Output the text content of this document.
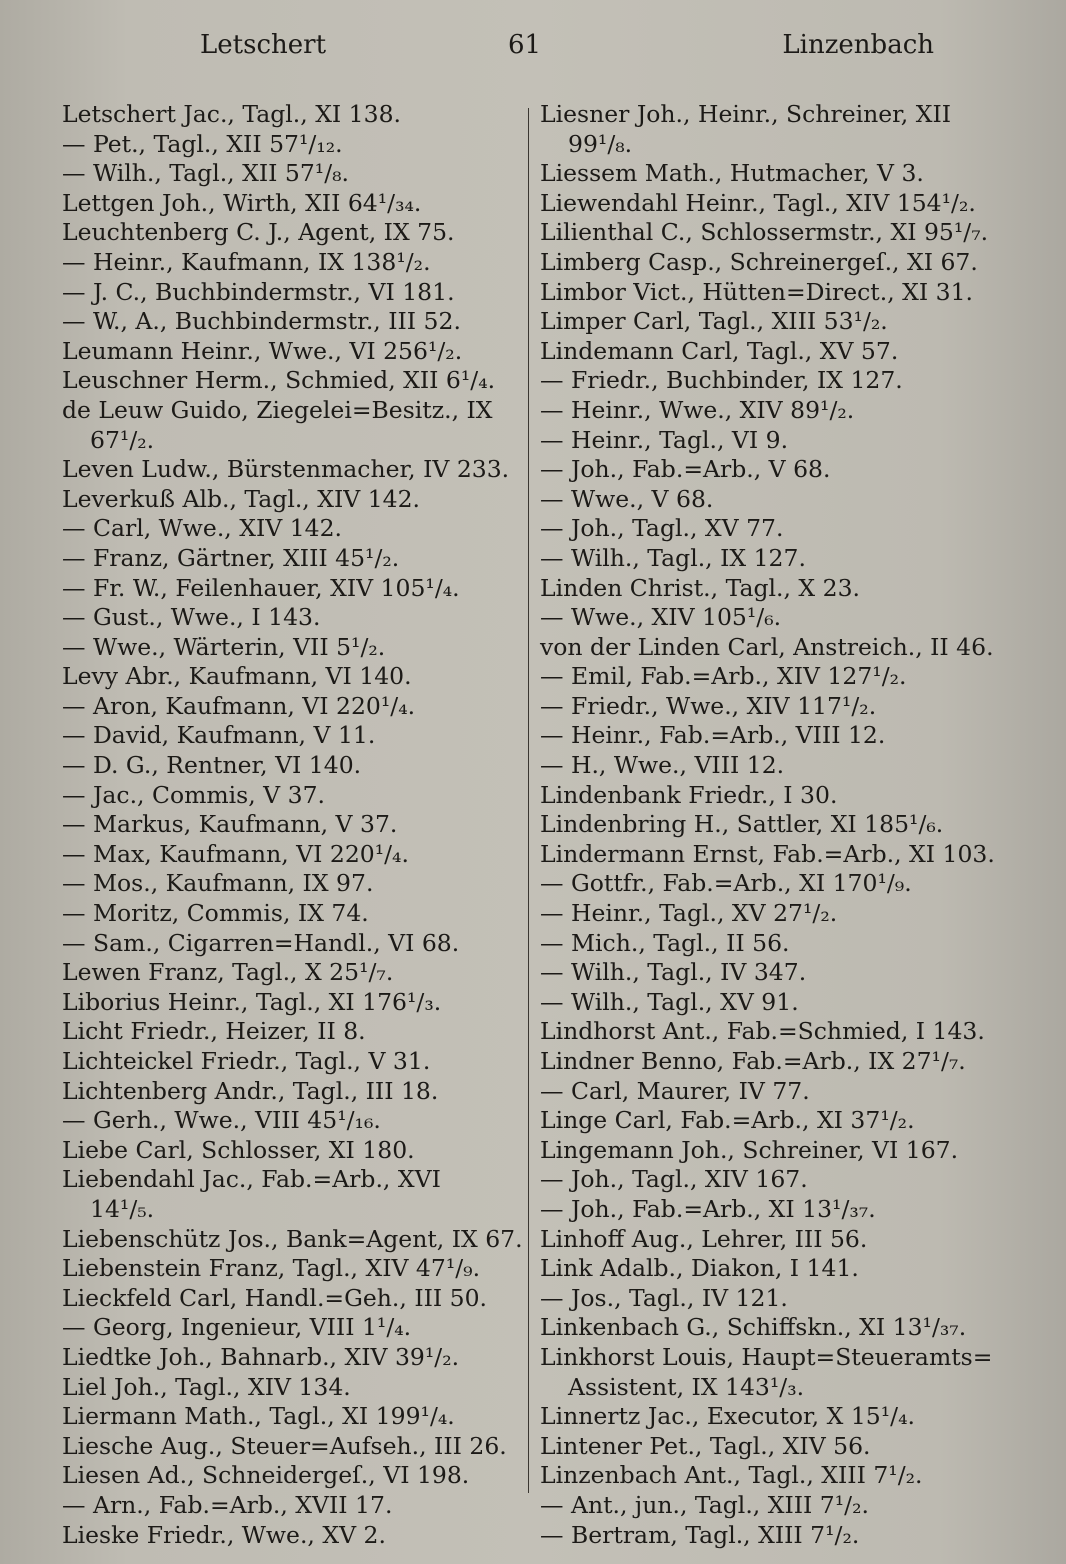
Letschert	61	Linzenbach
Letschert Jac., Tagl., XI 138.
— Pet., Tagl., XII 57¹/₁₂.
— Wilh., Tagl., XII 57¹/₈.
Lettgen Joh., Wirth, XII 64¹/₃₄.
Leuchtenberg C. J., Agent, IX 75.
— Heinr., Kaufmann, IX 138¹/₂.
— J. C., Buchbindermstr., VI 181.
— W., A., Buchbindermstr., III 52.
Leumann Heinr., Wwe., VI 256¹/₂.
Leuschner Herm., Schmied, XII 6¹/₄.
de Leuw Guido, Ziegelei=Besitz., IX
67¹/₂.
Leven Ludw., Bürstenmacher, IV 233.
Leverkuß Alb., Tagl., XIV 142.
— Carl, Wwe., XIV 142.
— Franz, Gärtner, XIII 45¹/₂.
— Fr. W., Feilenhauer, XIV 105¹/₄.
— Gust., Wwe., I 143.
— Wwe., Wärterin, VII 5¹/₂.
Levy Abr., Kaufmann, VI 140.
— Aron, Kaufmann, VI 220¹/₄.
— David, Kaufmann, V 11.
— D. G., Rentner, VI 140.
— Jac., Commis, V 37.
— Markus, Kaufmann, V 37.
— Max, Kaufmann, VI 220¹/₄.
— Mos., Kaufmann, IX 97.
— Moritz, Commis, IX 74.
— Sam., Cigarren=Handl., VI 68.
Lewen Franz, Tagl., X 25¹/₇.
Liborius Heinr., Tagl., XI 176¹/₃.
Licht Friedr., Heizer, II 8.
Lichteickel Friedr., Tagl., V 31.
Lichtenberg Andr., Tagl., III 18.
— Gerh., Wwe., VIII 45¹/₁₆.
Liebe Carl, Schlosser, XI 180.
Liebendahl Jac., Fab.=Arb., XVI
14¹/₅.
Liebenschütz Jos., Bank=Agent, IX 67.
Liebenstein Franz, Tagl., XIV 47¹/₉.
Lieckfeld Carl, Handl.=Geh., III 50.
— Georg, Ingenieur, VIII 1¹/₄.
Liedtke Joh., Bahnarb., XIV 39¹/₂.
Liel Joh., Tagl., XIV 134.
Liermann Math., Tagl., XI 199¹/₄.
Liesche Aug., Steuer=Aufseh., III 26.
Liesen Ad., Schneidergeſ., VI 198.
— Arn., Fab.=Arb., XVII 17.
Lieske Friedr., Wwe., XV 2.
Liesner Joh., Heinr., Schreiner, XII
99¹/₈.
Liessem Math., Hutmacher, V 3.
Liewendahl Heinr., Tagl., XIV 154¹/₂.
Lilienthal C., Schlossermstr., XI 95¹/₇.
Limberg Casp., Schreinergeſ., XI 67.
Limbor Vict., Hütten=Direct., XI 31.
Limper Carl, Tagl., XIII 53¹/₂.
Lindemann Carl, Tagl., XV 57.
— Friedr., Buchbinder, IX 127.
— Heinr., Wwe., XIV 89¹/₂.
— Heinr., Tagl., VI 9.
— Joh., Fab.=Arb., V 68.
— Wwe., V 68.
— Joh., Tagl., XV 77.
— Wilh., Tagl., IX 127.
Linden Christ., Tagl., X 23.
— Wwe., XIV 105¹/₆.
von der Linden Carl, Anstreich., II 46.
— Emil, Fab.=Arb., XIV 127¹/₂.
— Friedr., Wwe., XIV 117¹/₂.
— Heinr., Fab.=Arb., VIII 12.
— H., Wwe., VIII 12.
Lindenbank Friedr., I 30.
Lindenbring H., Sattler, XI 185¹/₆.
Lindermann Ernst, Fab.=Arb., XI 103.
— Gottfr., Fab.=Arb., XI 170¹/₉.
— Heinr., Tagl., XV 27¹/₂.
— Mich., Tagl., II 56.
— Wilh., Tagl., IV 347.
— Wilh., Tagl., XV 91.
Lindhorst Ant., Fab.=Schmied, I 143.
Lindner Benno, Fab.=Arb., IX 27¹/₇.
— Carl, Maurer, IV 77.
Linge Carl, Fab.=Arb., XI 37¹/₂.
Lingemann Joh., Schreiner, VI 167.
— Joh., Tagl., XIV 167.
— Joh., Fab.=Arb., XI 13¹/₃₇.
Linhoff Aug., Lehrer, III 56.
Link Adalb., Diakon, I 141.
— Jos., Tagl., IV 121.
Linkenbach G., Schiffskn., XI 13¹/₃₇.
Linkhorst Louis, Haupt=Steueramts=
Assistent, IX 143¹/₃.
Linnertz Jac., Executor, X 15¹/₄.
Lintener Pet., Tagl., XIV 56.
Linzenbach Ant., Tagl., XIII 7¹/₂.
— Ant., jun., Tagl., XIII 7¹/₂.
— Bertram, Tagl., XIII 7¹/₂.
